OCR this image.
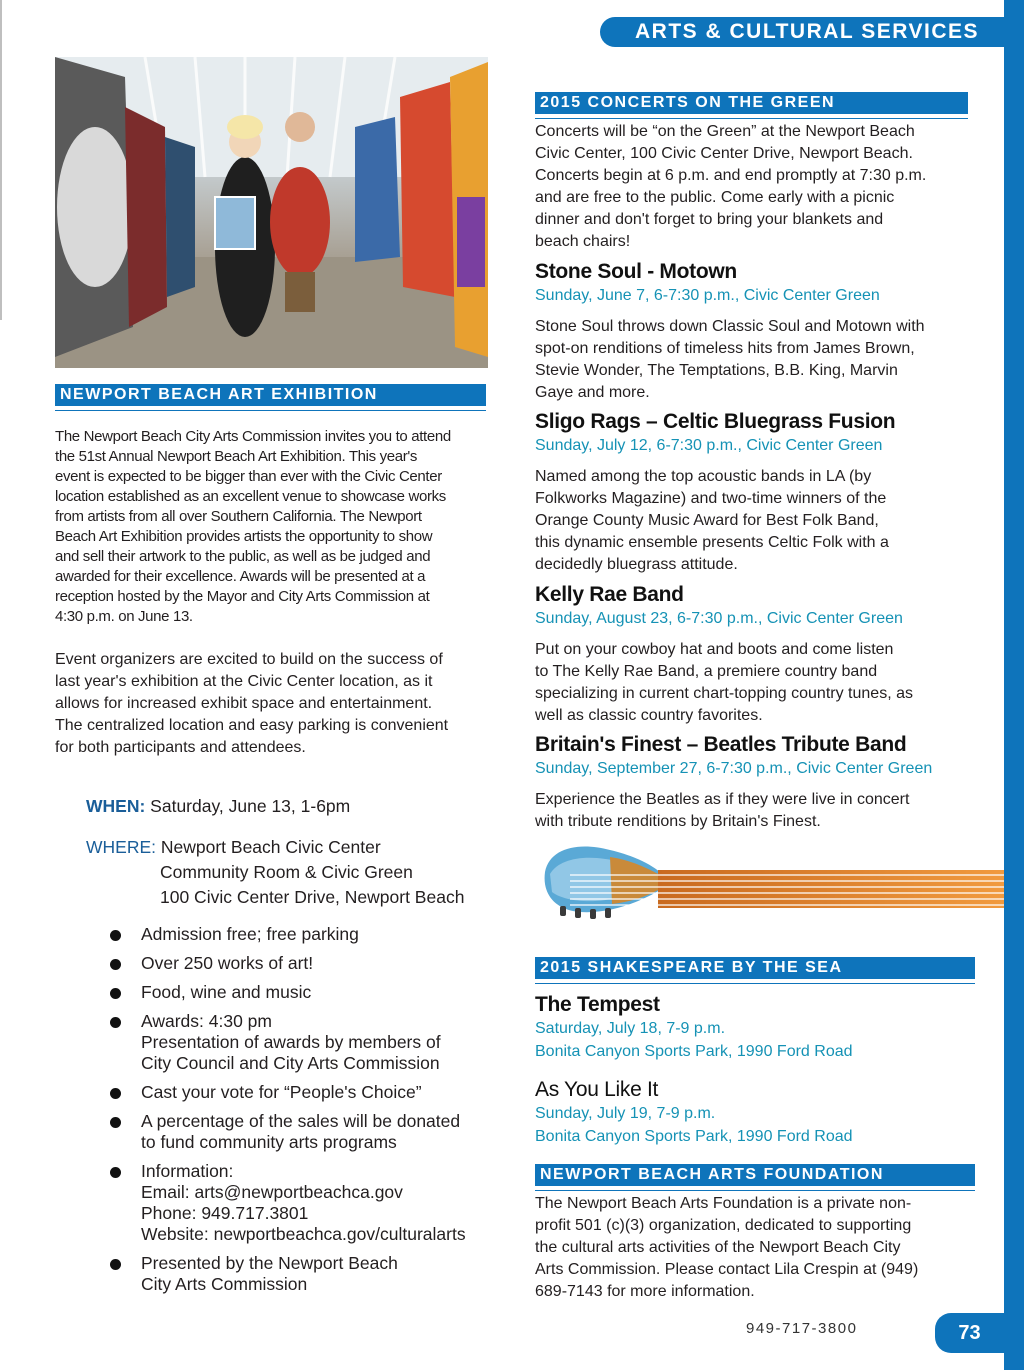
ARTS & CULTURAL SERVICES
NEWPORT BEACH ART EXHIBITION
The Newport Beach City Arts Commission invites you to attend
the 51st Annual Newport Beach Art Exhibition. This year's
event is expected to be bigger than ever with the Civic Center
location established as an excellent venue to showcase works
from artists from all over Southern California. The Newport
Beach Art Exhibition provides artists the opportunity to show
and sell their artwork to the public, as well as be judged and
awarded for their excellence. Awards will be presented at a
reception hosted by the Mayor and City Arts Commission at
4:30 p.m. on June 13.
Event organizers are excited to build on the success of
last year's exhibition at the Civic Center location, as it
allows for increased exhibit space and entertainment.
The centralized location and easy parking is convenient
for both participants and attendees.
WHEN: Saturday, June 13, 1-6pm
WHERE: Newport Beach Civic Center
Community Room & Civic Green
100 Civic Center Drive, Newport Beach
Admission free; free parking
Over 250 works of art!
Food, wine and music
Awards: 4:30 pm
Presentation of awards by members of
City Council and City Arts Commission
Cast your vote for “People's Choice”
A percentage of the sales will be donated
to fund community arts programs
Information:
Email: arts@newportbeachca.gov
Phone: 949.717.3801
Website: newportbeachca.gov/culturalarts
Presented by the Newport Beach
City Arts Commission
2015 CONCERTS ON THE GREEN
Concerts will be “on the Green” at the Newport Beach
Civic Center, 100 Civic Center Drive, Newport Beach.
Concerts begin at 6 p.m. and end promptly at 7:30 p.m.
and are free to the public. Come early with a picnic
dinner and don't forget to bring your blankets and
beach chairs!
Stone Soul - Motown
Sunday, June 7, 6-7:30 p.m., Civic Center Green
Stone Soul throws down Classic Soul and Motown with
spot-on renditions of timeless hits from James Brown,
Stevie Wonder, The Temptations, B.B. King, Marvin
Gaye and more.
Sligo Rags – Celtic Bluegrass Fusion
Sunday, July 12, 6-7:30 p.m., Civic Center Green
Named among the top acoustic bands in LA (by
Folkworks Magazine) and two-time winners of the
Orange County Music Award for Best Folk Band,
this dynamic ensemble presents Celtic Folk with a
decidedly bluegrass attitude.
Kelly Rae Band
Sunday, August 23, 6-7:30 p.m., Civic Center Green
Put on your cowboy hat and boots and come listen
to The Kelly Rae Band, a premiere country band
specializing in current chart-topping country tunes, as
well as classic country favorites.
Britain's Finest – Beatles Tribute Band
Sunday, September 27, 6-7:30 p.m., Civic Center Green
Experience the Beatles as if they were live in concert
with tribute renditions by Britain's Finest.
2015 SHAKESPEARE BY THE SEA
The Tempest
Saturday, July 18, 7-9 p.m.
Bonita Canyon Sports Park, 1990 Ford Road
As You Like It
Sunday, July 19, 7-9 p.m.
Bonita Canyon Sports Park, 1990 Ford Road
NEWPORT BEACH ARTS FOUNDATION
The Newport Beach Arts Foundation is a private non-
profit 501 (c)(3) organization, dedicated to supporting
the cultural arts activities of the Newport Beach City
Arts Commission. Please contact Lila Crespin at (949)
689-7143 for more information.
949-717-3800	73
